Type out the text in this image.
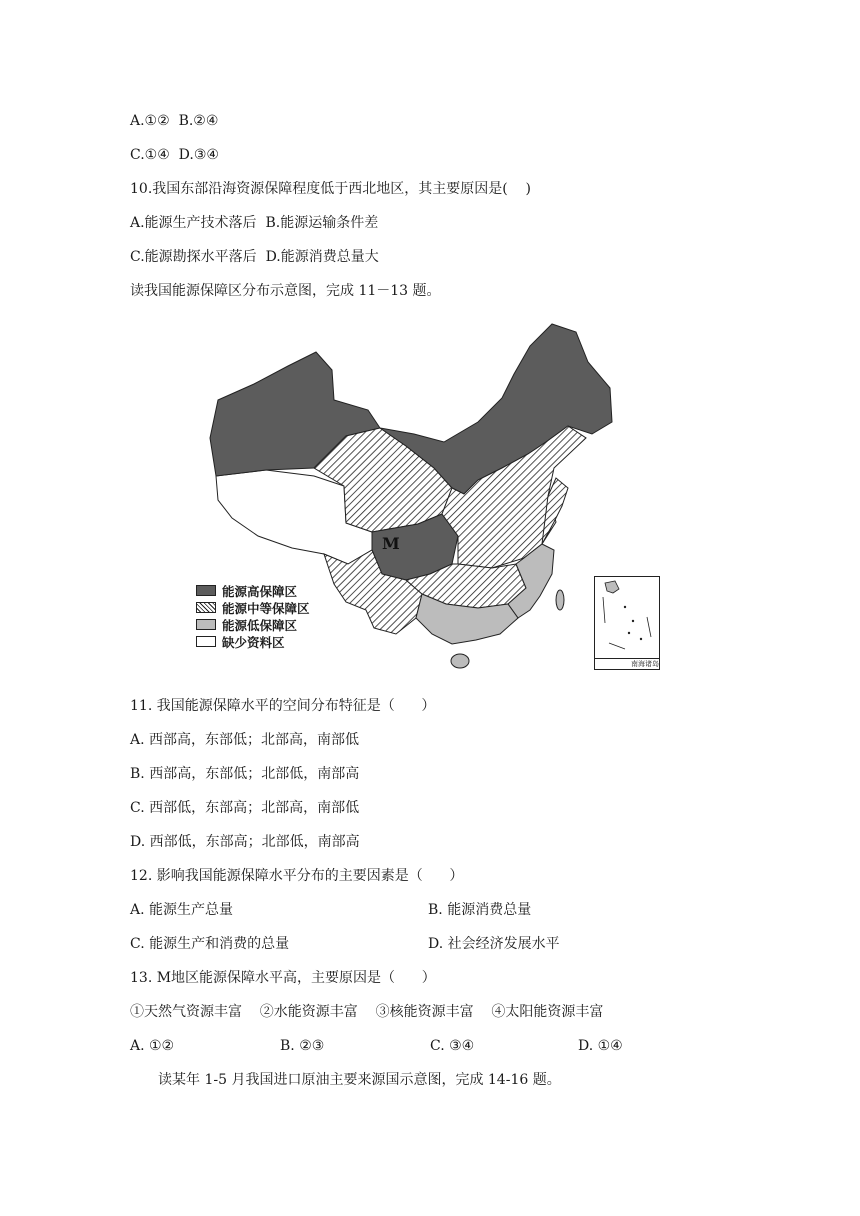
A.①②  B.②④
C.①④  D.③④
10.我国东部沿海资源保障程度低于西北地区，其主要原因是(    )
A.能源生产技术落后  B.能源运输条件差
C.能源勘探水平落后  D.能源消费总量大
读我国能源保障区分布示意图，完成 11－13 题。
M
南海诸岛
能源高保障区
能源中等保障区
能源低保障区
缺少资料区
11. 我国能源保障水平的空间分布特征是（      ）
A. 西部高，东部低；北部高，南部低
B. 西部高，东部低；北部低，南部高
C. 西部低，东部高；北部高，南部低
D. 西部低，东部高；北部低，南部高
12. 影响我国能源保障水平分布的主要因素是（      ）
A. 能源生产总量	B. 能源消费总量
C. 能源生产和消费的总量	D. 社会经济发展水平
13. M地区能源保障水平高，主要原因是（      ）
①天然气资源丰富    ②水能资源丰富    ③核能资源丰富    ④太阳能资源丰富
A. ①②	B. ②③	C. ③④	D. ①④
读某年 1-5 月我国进口原油主要来源国示意图，完成 14-16 题。
